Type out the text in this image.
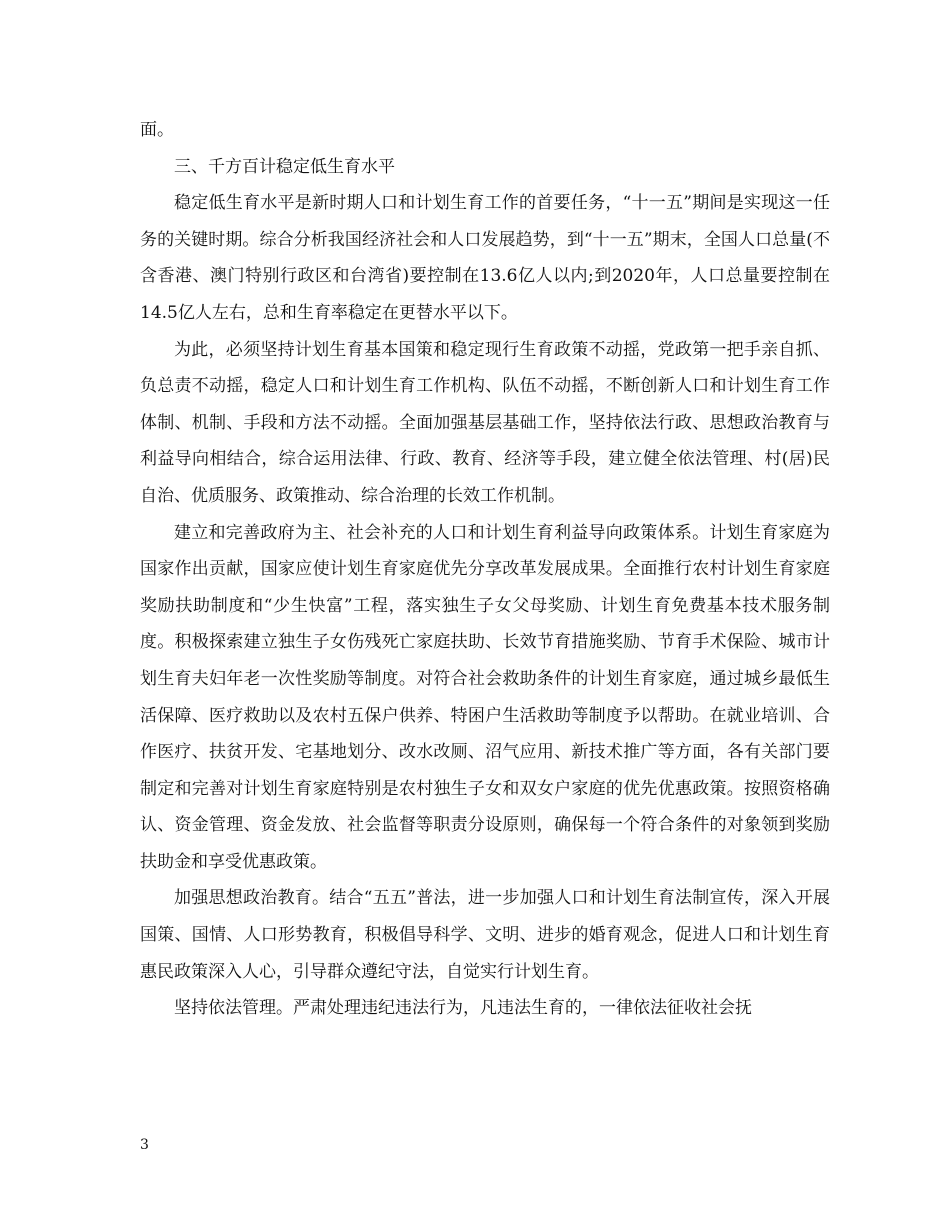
面。

三、千方百计稳定低生育水平

稳定低生育水平是新时期人口和计划生育工作的首要任务，“十一五”期间是实现这一任务的关键时期。综合分析我国经济社会和人口发展趋势，到“十一五”期末，全国人口总量(不含香港、澳门特别行政区和台湾省)要控制在13.6亿人以内;到2020年，人口总量要控制在14.5亿人左右，总和生育率稳定在更替水平以下。

为此，必须坚持计划生育基本国策和稳定现行生育政策不动摇，党政第一把手亲自抓、负总责不动摇，稳定人口和计划生育工作机构、队伍不动摇，不断创新人口和计划生育工作体制、机制、手段和方法不动摇。全面加强基层基础工作，坚持依法行政、思想政治教育与利益导向相结合，综合运用法律、行政、教育、经济等手段，建立健全依法管理、村(居)民自治、优质服务、政策推动、综合治理的长效工作机制。

建立和完善政府为主、社会补充的人口和计划生育利益导向政策体系。计划生育家庭为国家作出贡献，国家应使计划生育家庭优先分享改革发展成果。全面推行农村计划生育家庭奖励扶助制度和“少生快富”工程，落实独生子女父母奖励、计划生育免费基本技术服务制度。积极探索建立独生子女伤残死亡家庭扶助、长效节育措施奖励、节育手术保险、城市计划生育夫妇年老一次性奖励等制度。对符合社会救助条件的计划生育家庭，通过城乡最低生活保障、医疗救助以及农村五保户供养、特困户生活救助等制度予以帮助。在就业培训、合作医疗、扶贫开发、宅基地划分、改水改厕、沼气应用、新技术推广等方面，各有关部门要制定和完善对计划生育家庭特别是农村独生子女和双女户家庭的优先优惠政策。按照资格确认、资金管理、资金发放、社会监督等职责分设原则，确保每一个符合条件的对象领到奖励扶助金和享受优惠政策。

加强思想政治教育。结合“五五”普法，进一步加强人口和计划生育法制宣传，深入开展国策、国情、人口形势教育，积极倡导科学、文明、进步的婚育观念，促进人口和计划生育惠民政策深入人心，引导群众遵纪守法，自觉实行计划生育。

坚持依法管理。严肃处理违纪违法行为，凡违法生育的，一律依法征收社会抚

3
